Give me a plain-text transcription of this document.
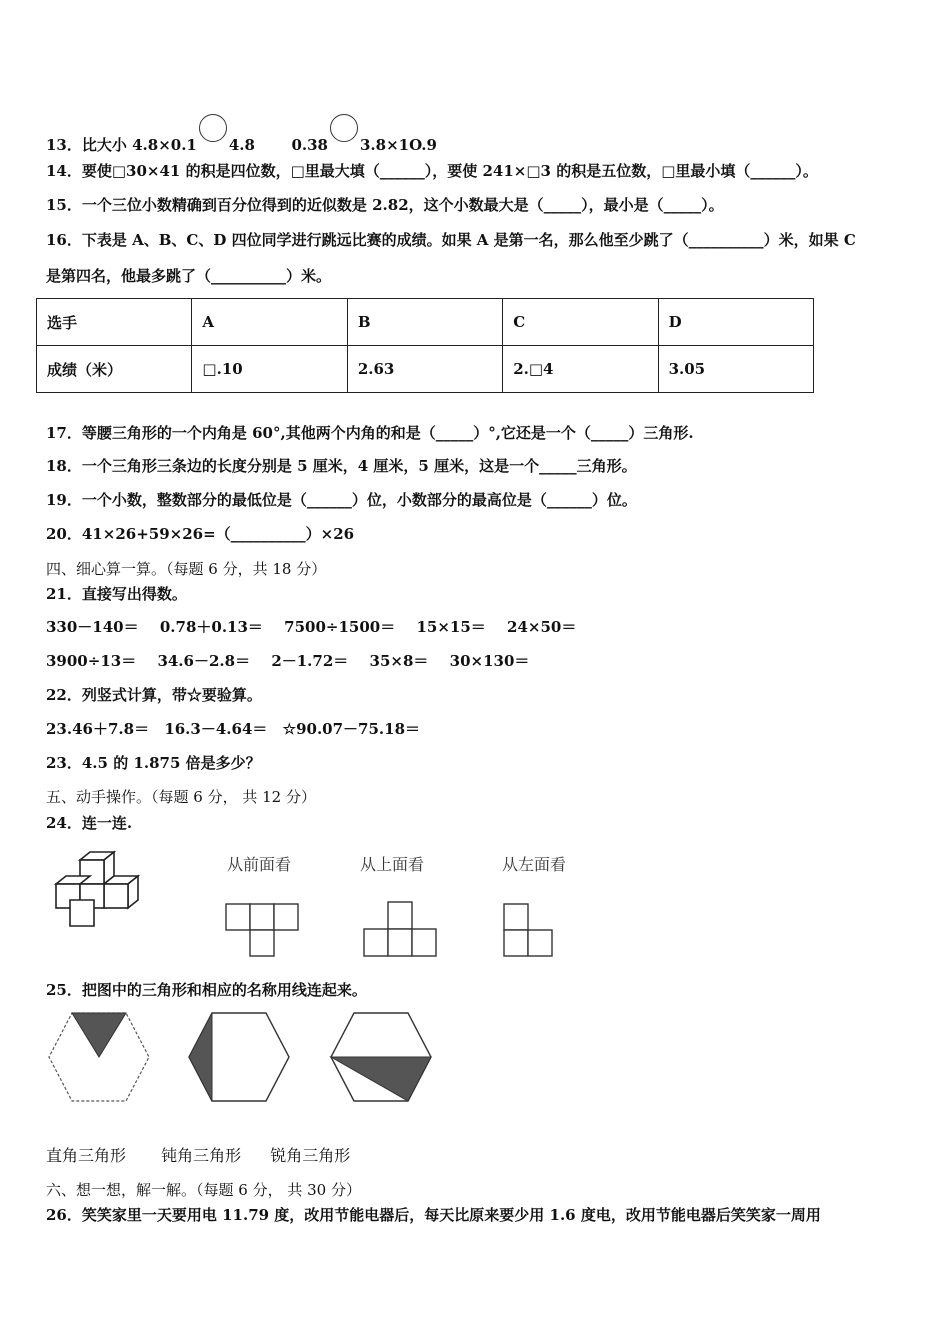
13．比大小 4.8×0.1 4.8 0.38 3.8×1O.9
14．要使□30×41 的积是四位数，□里最大填（______），要使 241×□3 的积是五位数，□里最小填（______）。
15．一个三位小数精确到百分位得到的近似数是 2.82，这个小数最大是（_____），最小是（_____）。
16．下表是 A、B、C、D 四位同学进行跳远比赛的成绩。如果 A 是第一名，那么他至少跳了（__________）米，如果 C
是第四名，他最多跳了（__________）米。
选手	A	B	C	D
成绩（米）	□.10	2.63	2.□4	3.05
17．等腰三角形的一个内角是 60°,其他两个内角的和是（_____）°,它还是一个（_____）三角形.
18．一个三角形三条边的长度分别是 5 厘米，4 厘米，5 厘米，这是一个_____三角形。
19．一个小数，整数部分的最低位是（______）位，小数部分的最高位是（______）位。
20．41×26+59×26=（__________）×26
四、细心算一算。（每题 6 分，共 18 分）
21．直接写出得数。
330－140＝ 0.78＋0.13＝ 7500÷1500＝ 15×15＝ 24×50＝
3900÷13＝ 34.6－2.8＝ 2－1.72＝ 35×8＝ 30×130＝
22．列竖式计算，带☆要验算。
23.46＋7.8＝ 16.3－4.64＝ ☆90.07－75.18＝
23．4.5 的 1.875 倍是多少？
五、动手操作。（每题 6 分， 共 12 分）
24．连一连.
从前面看	从上面看	从左面看
25．把图中的三角形和相应的名称用线连起来。
直角三角形 钝角三角形 锐角三角形
六、想一想，解一解。（每题 6 分， 共 30 分）
26．笑笑家里一天要用电 11.79 度，改用节能电器后，每天比原来要少用 1.6 度电，改用节能电器后笑笑家一周用
